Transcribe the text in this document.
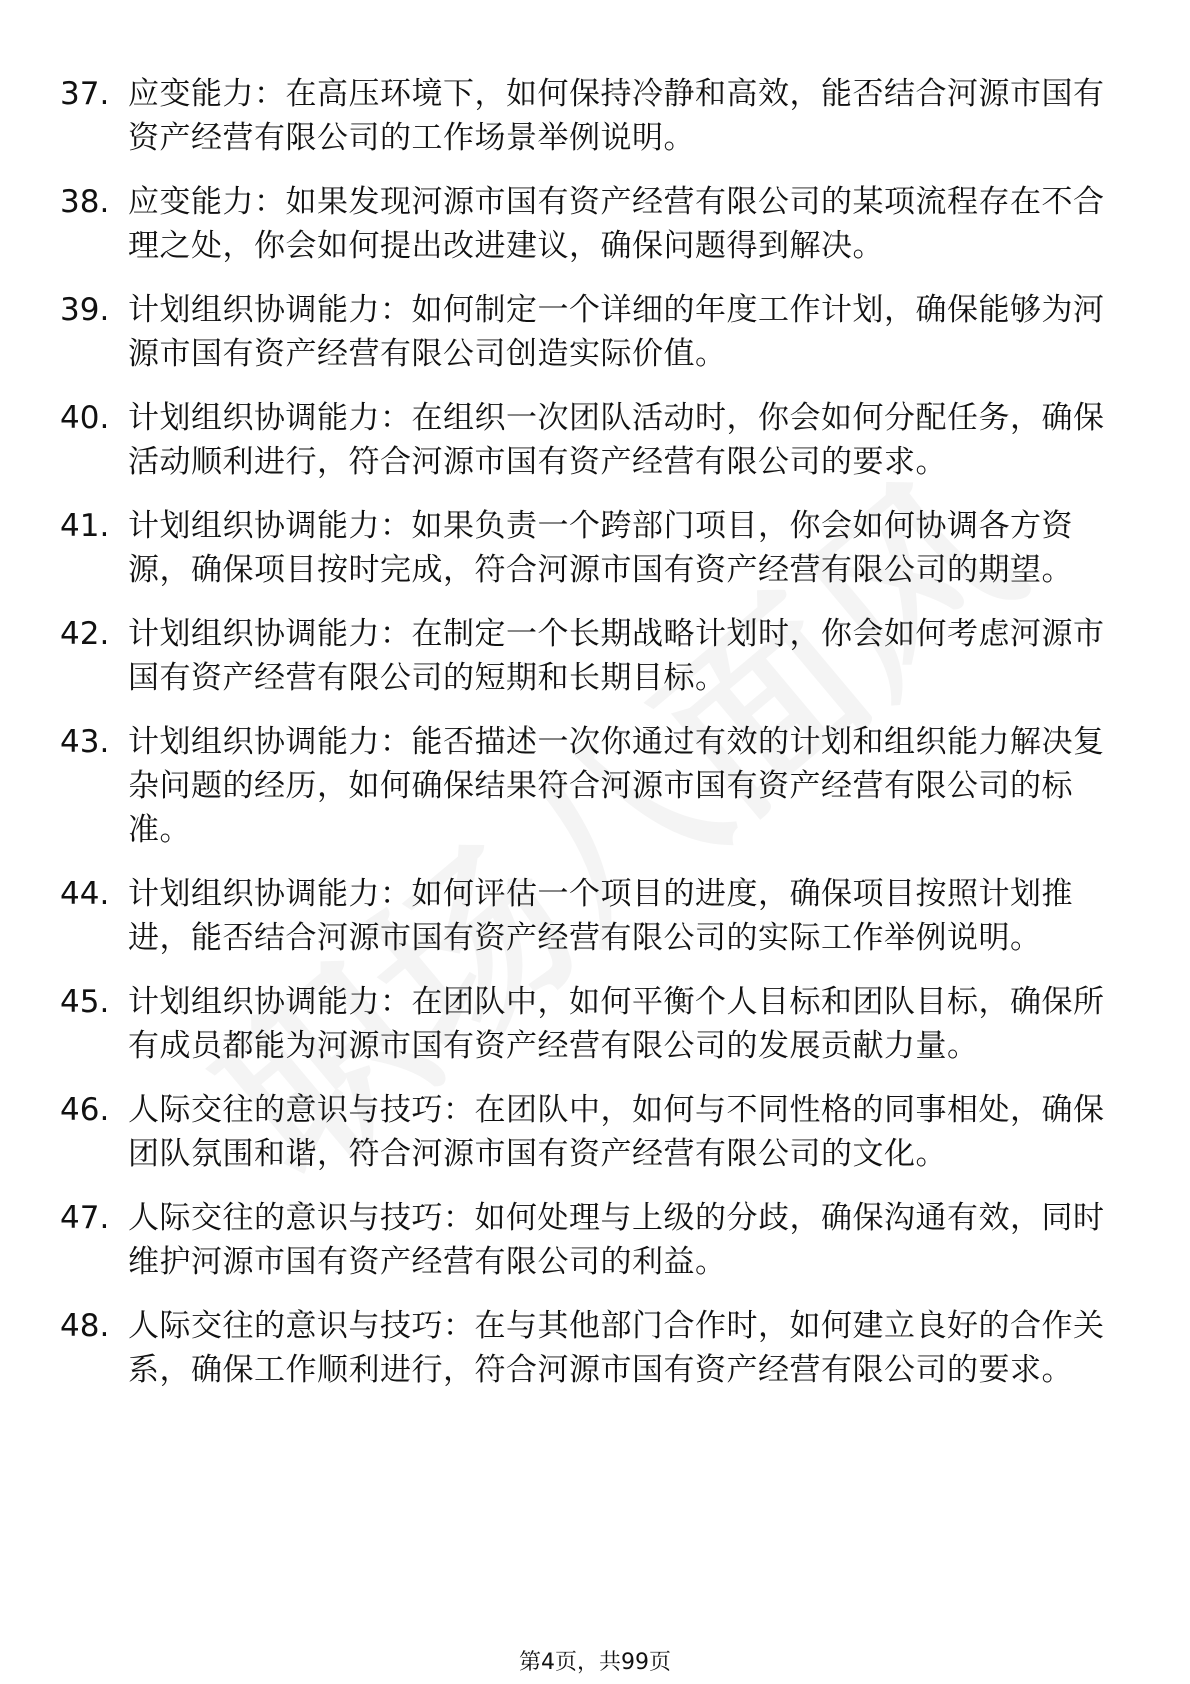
37. 应变能力：在高压环境下，如何保持冷静和高效，能否结合河源市国有资产经营有限公司的工作场景举例说明。
38. 应变能力：如果发现河源市国有资产经营有限公司的某项流程存在不合理之处，你会如何提出改进建议，确保问题得到解决。
39. 计划组织协调能力：如何制定一个详细的年度工作计划，确保能够为河源市国有资产经营有限公司创造实际价值。
40. 计划组织协调能力：在组织一次团队活动时，你会如何分配任务，确保活动顺利进行，符合河源市国有资产经营有限公司的要求。
41. 计划组织协调能力：如果负责一个跨部门项目，你会如何协调各方资源，确保项目按时完成，符合河源市国有资产经营有限公司的期望。
42. 计划组织协调能力：在制定一个长期战略计划时，你会如何考虑河源市国有资产经营有限公司的短期和长期目标。
43. 计划组织协调能力：能否描述一次你通过有效的计划和组织能力解决复杂问题的经历，如何确保结果符合河源市国有资产经营有限公司的标准。
44. 计划组织协调能力：如何评估一个项目的进度，确保项目按照计划推进，能否结合河源市国有资产经营有限公司的实际工作举例说明。
45. 计划组织协调能力：在团队中，如何平衡个人目标和团队目标，确保所有成员都能为河源市国有资产经营有限公司的发展贡献力量。
46. 人际交往的意识与技巧：在团队中，如何与不同性格的同事相处，确保团队氛围和谐，符合河源市国有资产经营有限公司的文化。
47. 人际交往的意识与技巧：如何处理与上级的分歧，确保沟通有效，同时维护河源市国有资产经营有限公司的利益。
48. 人际交往的意识与技巧：在与其他部门合作时，如何建立良好的合作关系，确保工作顺利进行，符合河源市国有资产经营有限公司的要求。
第4页，共99页
